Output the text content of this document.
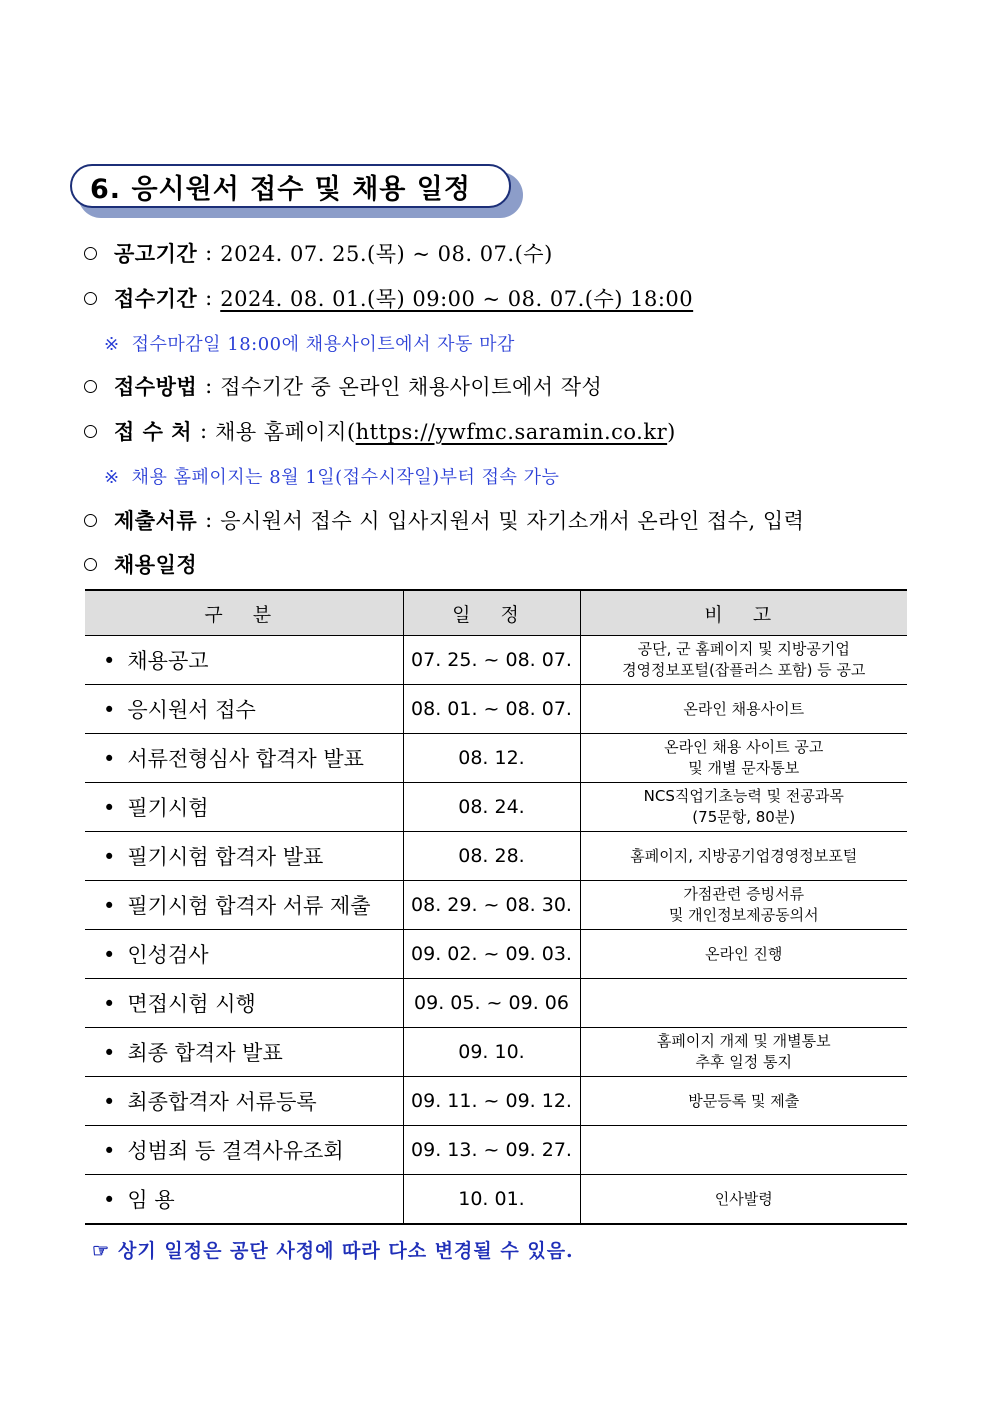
6. 응시원서 접수 및 채용 일정
공고기간 : 2024. 07. 25.(목) ~ 08. 07.(수)
접수기간 : 2024. 08. 01.(목) 09:00 ~ 08. 07.(수) 18:00
※ 접수마감일 18:00에 채용사이트에서 자동 마감
접수방법 : 접수기간 중 온라인 채용사이트에서 작성
접 수 처 : 채용 홈페이지(https://ywfmc.saramin.co.kr)
※ 채용 홈페이지는 8월 1일(접수시작일)부터 접속 가능
제출서류 : 응시원서 접수 시 입사지원서 및 자기소개서 온라인 접수, 입력
채용일정
구 분	일 정	비 고
• 채용공고	07. 25. ~ 08. 07.	공단, 군 홈페이지 및 지방공기업
경영정보포털(잡플러스 포함) 등 공고

• 응시원서 접수	08. 01. ~ 08. 07.	온라인 채용사이트

• 서류전형심사 합격자 발표	08. 12.	온라인 채용 사이트 공고
및 개별 문자통보

• 필기시험	08. 24.	NCS직업기초능력 및 전공과목
(75문항, 80분)

• 필기시험 합격자 발표	08. 28.	홈페이지, 지방공기업경영정보포털

• 필기시험 합격자 서류 제출	08. 29. ~ 08. 30.	가점관련 증빙서류
및 개인정보제공동의서

• 인성검사	09. 02. ~ 09. 03.	온라인 진행

• 면접시험 시행	09. 05. ~ 09. 06	

• 최종 합격자 발표	09. 10.	홈페이지 개제 및 개별통보
추후 일정 통지

• 최종합격자 서류등록	09. 11. ~ 09. 12.	방문등록 및 제출

• 성범죄 등 결격사유조회	09. 13. ~ 09. 27.	

• 임 용	10. 01.	인사발령
☞ 상기 일정은 공단 사정에 따라 다소 변경될 수 있음.
